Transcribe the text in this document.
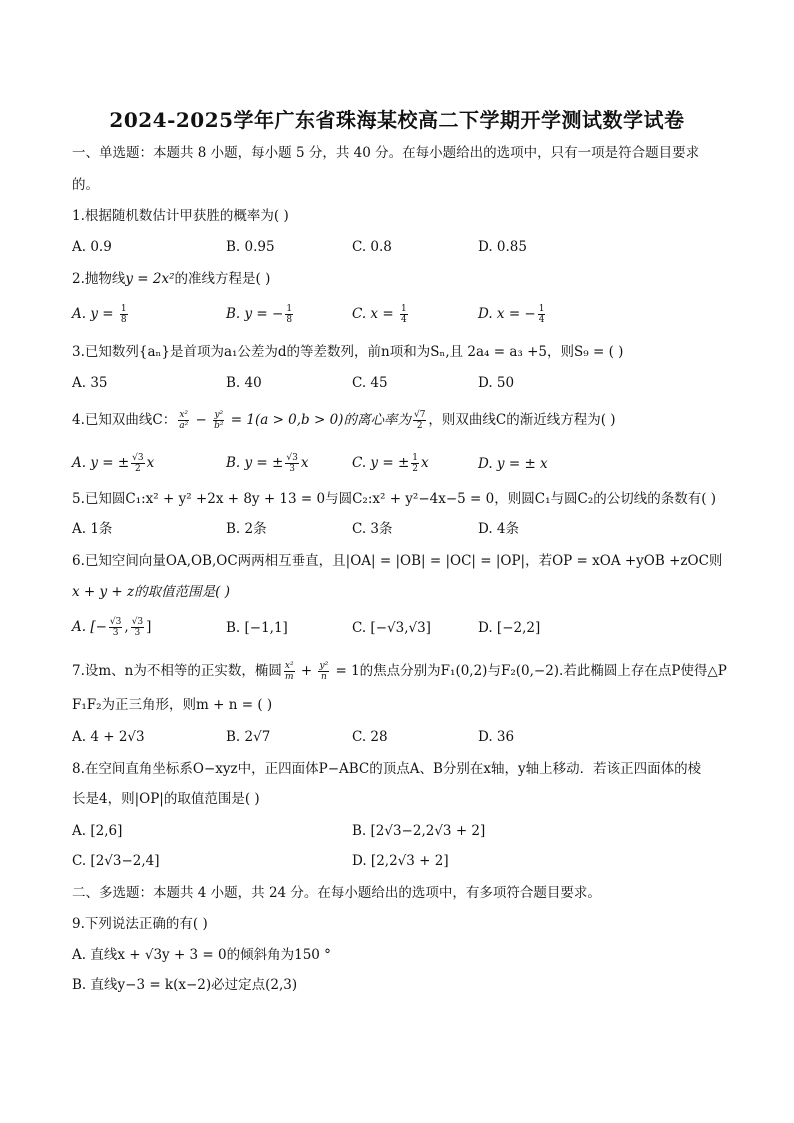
2024-2025学年广东省珠海某校高二下学期开学测试数学试卷
一、单选题：本题共 8 小题，每小题 5 分，共 40 分。在每小题给出的选项中，只有一项是符合题目要求
的。
1.根据随机数估计甲获胜的概率为( )
A. 0.9	B. 0.95	C. 0.8	D. 0.85
2.抛物线y = 2x²的准线方程是( )
A. $y = \frac{1}{8}$	B. y = − $\frac{1}{8}$	C. $x = \frac{1}{4}$	D. x = − $\frac{1}{4}$
3.已知数列{aₙ}是首项为a₁公差为d的等差数列，前n项和为Sₙ,且 2a₄ = a₃ +5，则S₉ = ( )
A. 35	B. 40	C. 45	D. 50
4.已知双曲线C： $\frac{\text{x²}}{\text{a²}} - \frac{\text{y²}}{\text{b²}} = 1(a > 0,b > 0)$的离心率为 $\frac{√7}{2}$ ，则双曲线C的渐近线方程为( )
A. y = ± $\frac{√3}{2}$ x	B. y = ± $\frac{√3}{3}$ x	C. y = ± $\frac{1}{2}$ x	D. y = ± x
5.已知圆C₁:x² + y² +2x + 8y + 13 = 0与圆C₂:x² + y²−4x−5 = 0，则圆C₁与圆C₂的公切线的条数有( )
A. 1条	B. 2条	C. 3条	D. 4条
6.已知空间向量OA,OB,OC两两相互垂直，且|OA| = |OB| = |OC| = |OP|，若OP = xOA +yOB +zOC则
x + y + z的取值范围是( )
A. [− $\frac{√3}{3}$ , $\frac{√3}{3}$ ]	B. [−1,1]	C. [−√3,√3]	D. [−2,2]
7.设m、n为不相等的正实数，椭圆 $\frac{\text{x²}}{m} + \frac{\text{y²}}{n} = 1$的焦点分别为F₁(0,2)与F₂(0,−2).若此椭圆上存在点P使得△P
F₁F₂为正三角形，则m + n = ( )
A. 4 + 2√3	B. 2√7	C. 28	D. 36
8.在空间直角坐标系O−xyz中，正四面体P−ABC的顶点A、B分别在x轴，y轴上移动．若该正四面体的棱
长是4，则|OP|的取值范围是( )
A. [2,6]	B. [2√3−2,2√3 + 2]
C. [2√3−2,4]	D. [2,2√3 + 2]
二、多选题：本题共 4 小题，共 24 分。在每小题给出的选项中，有多项符合题目要求。
9.下列说法正确的有( )
A. 直线x + √3y + 3 = 0的倾斜角为150 °
B. 直线y−3 = k(x−2)必过定点(2,3)
